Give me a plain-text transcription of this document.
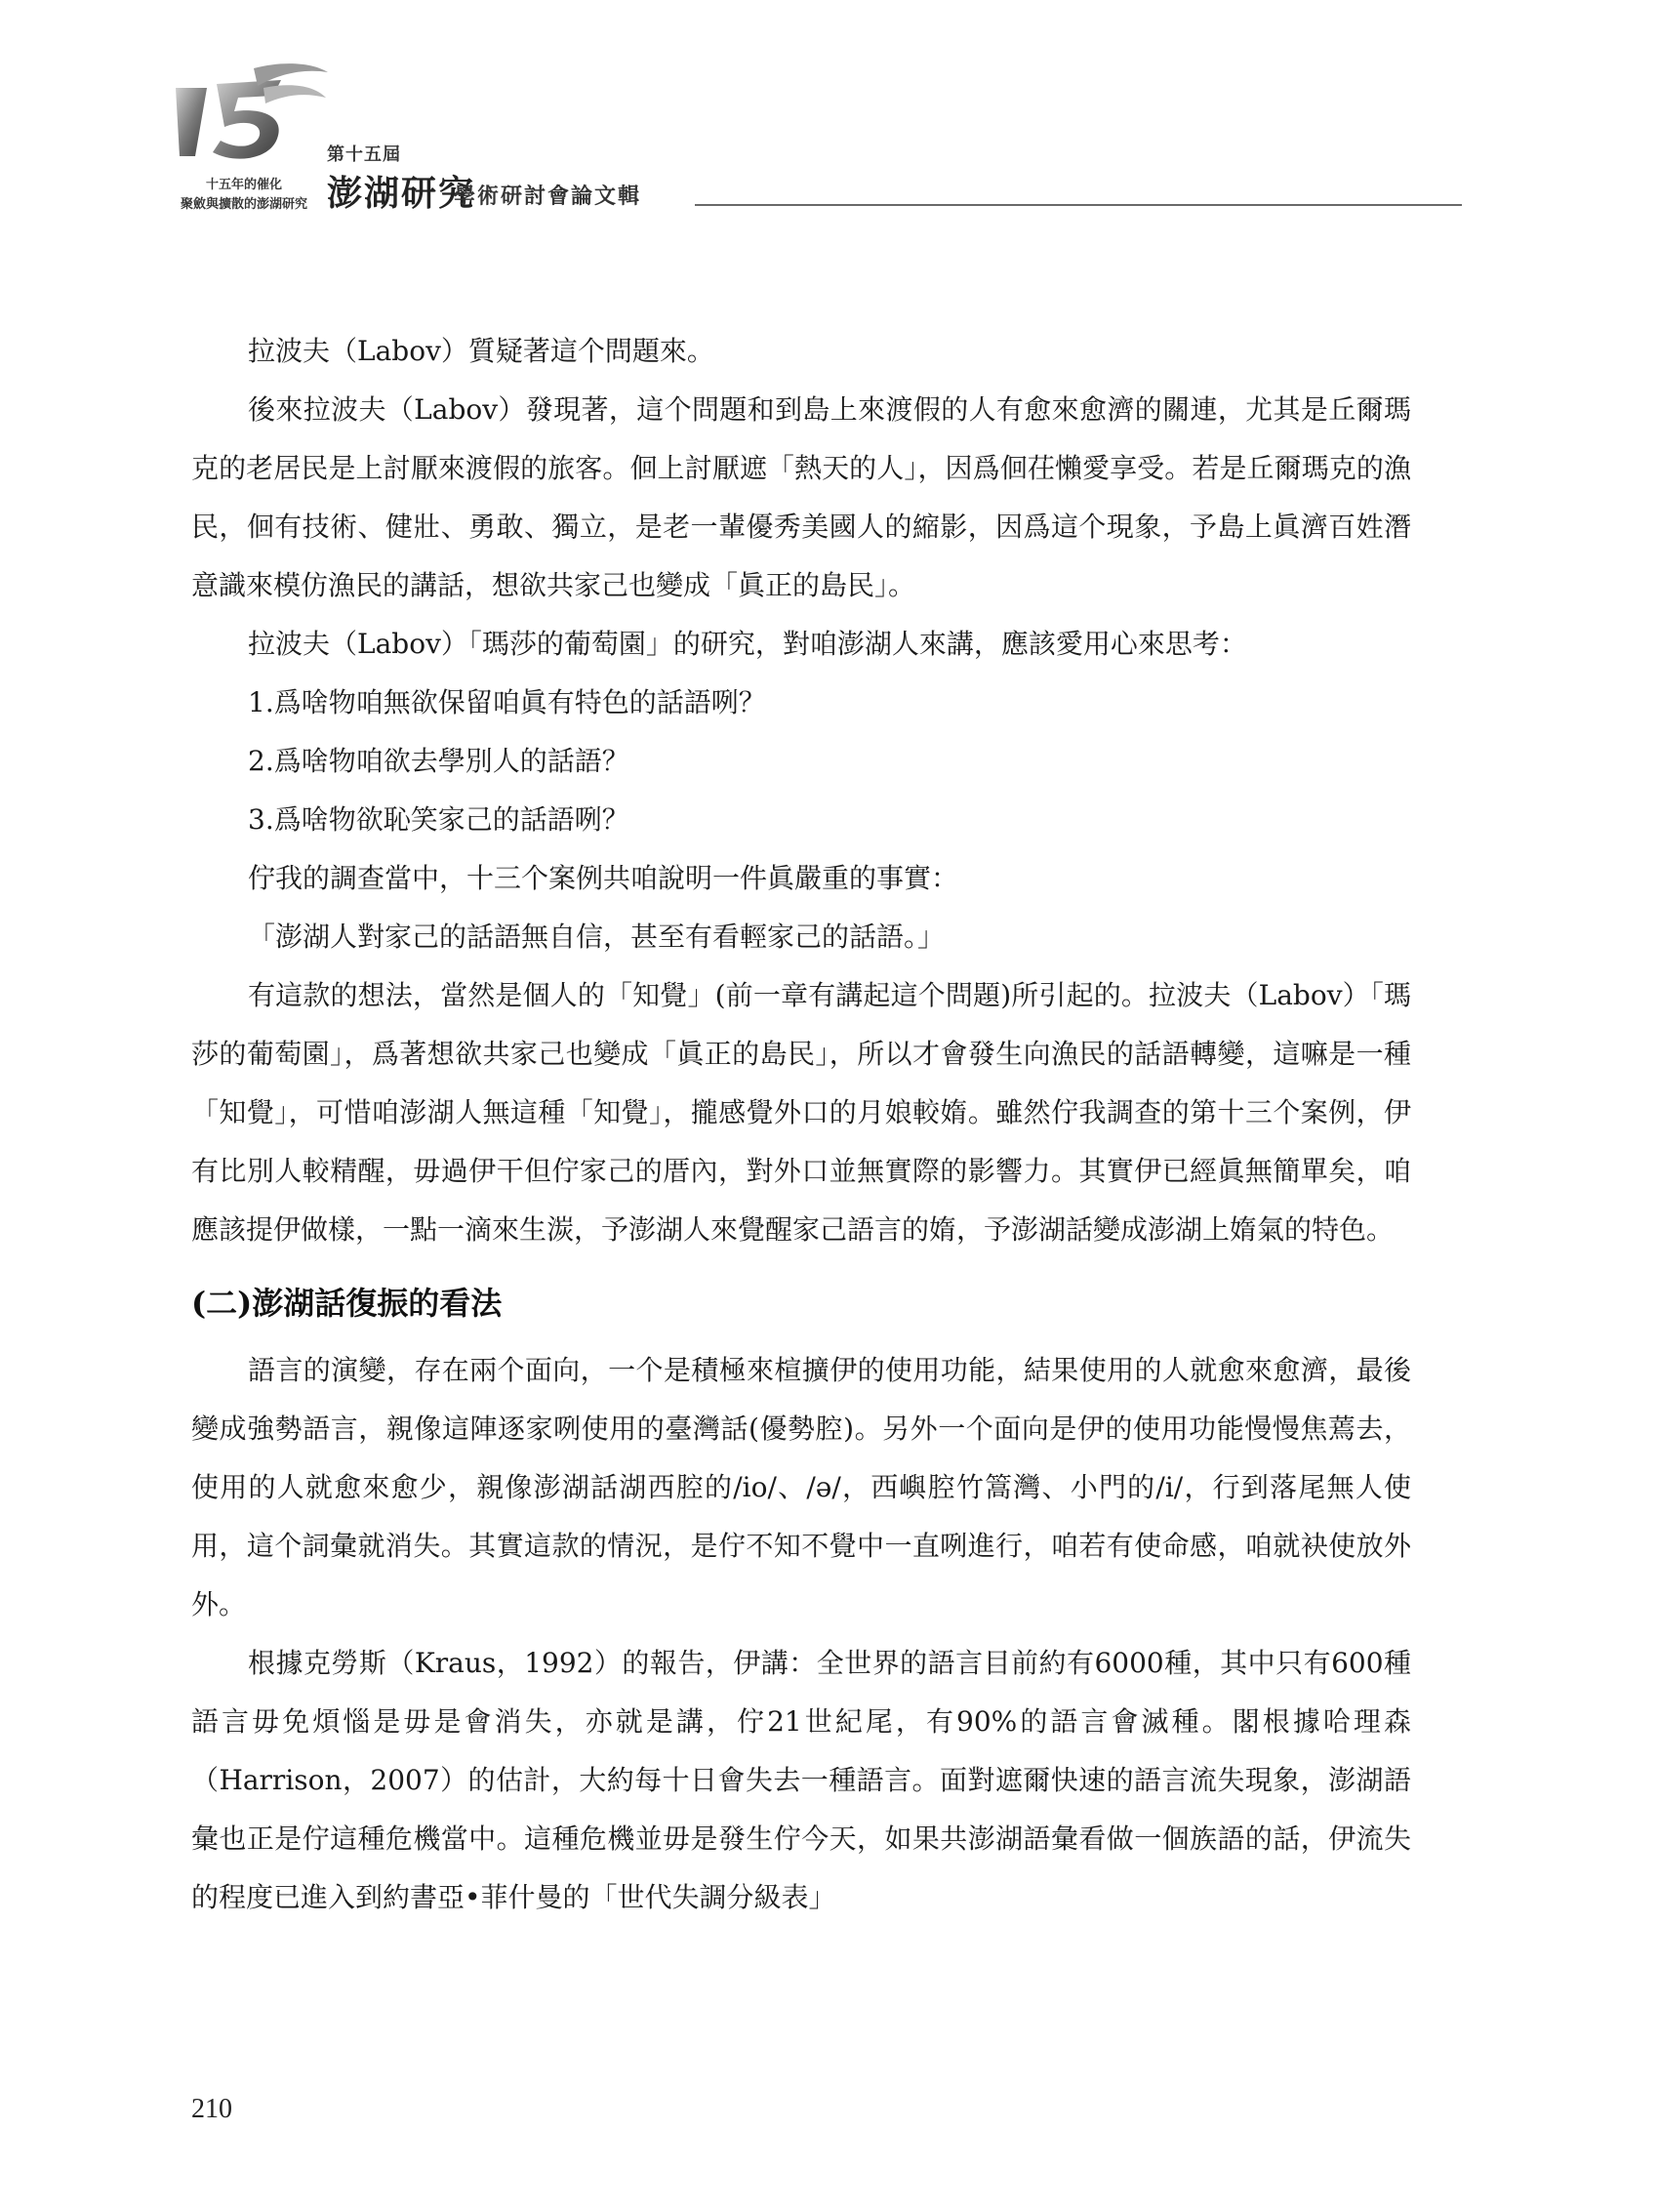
十五年的催化
聚斂與擴散的澎湖研究
第十五屆
澎湖研究
學術研討會論文輯

拉波夫（Labov）質疑著這个問題來。

後來拉波夫（Labov）發現著，這个問題和到島上來渡假的人有愈來愈濟的關連，尤其是丘爾瑪克的老居民是上討厭來渡假的旅客。佪上討厭遮「熱天的人」，因爲佪茌懶愛享受。若是丘爾瑪克的漁民，佪有技術、健壯、勇敢、獨立，是老一輩優秀美國人的縮影，因爲這个現象，予島上眞濟百姓潛意識來模仿漁民的講話，想欲共家己也變成「眞正的島民」。

拉波夫（Labov）「瑪莎的葡萄園」的研究，對咱澎湖人來講，應該愛用心來思考：

1.爲啥物咱無欲保留咱眞有特色的話語咧？

2.爲啥物咱欲去學別人的話語？

3.爲啥物欲恥笑家己的話語咧？

佇我的調查當中，十三个案例共咱說明一件眞嚴重的事實：

「澎湖人對家己的話語無自信，甚至有看輕家己的話語。」

有這款的想法，當然是個人的「知覺」(前一章有講起這个問題)所引起的。拉波夫（Labov）「瑪莎的葡萄園」，爲著想欲共家己也變成「眞正的島民」，所以才會發生向漁民的話語轉變，這嘛是一種「知覺」，可惜咱澎湖人無這種「知覺」，攏感覺外口的月娘較媠。雖然佇我調查的第十三个案例，伊有比別人較精醒，毋過伊干但佇家己的厝內，對外口並無實際的影響力。其實伊已經眞無簡單矣，咱應該提伊做樣，一點一滴來生湠，予澎湖人來覺醒家己語言的媠，予澎湖話變成澎湖上媠氣的特色。

(二)澎湖話復振的看法

語言的演變，存在兩个面向，一个是積極來楦擴伊的使用功能，結果使用的人就愈來愈濟，最後變成強勢語言，親像這陣逐家咧使用的臺灣話(優勢腔)。另外一个面向是伊的使用功能慢慢焦蔫去，使用的人就愈來愈少，親像澎湖話湖西腔的/io/、/ə/，西嶼腔竹篙灣、小門的/i/，行到落尾無人使用，這个詞彙就消失。其實這款的情況，是佇不知不覺中一直咧進行，咱若有使命感，咱就袂使放外外。

根據克勞斯（Kraus，1992）的報告，伊講：全世界的語言目前約有6000種，其中只有600種語言毋免煩惱是毋是會消失，亦就是講，佇21世紀尾，有90%的語言會滅種。閣根據哈理森（Harrison，2007）的估計，大約每十日會失去一種語言。面對遮爾快速的語言流失現象，澎湖語彙也正是佇這種危機當中。這種危機並毋是發生佇今天，如果共澎湖語彙看做一個族語的話，伊流失的程度已進入到約書亞•菲什曼的「世代失調分級表」

210
